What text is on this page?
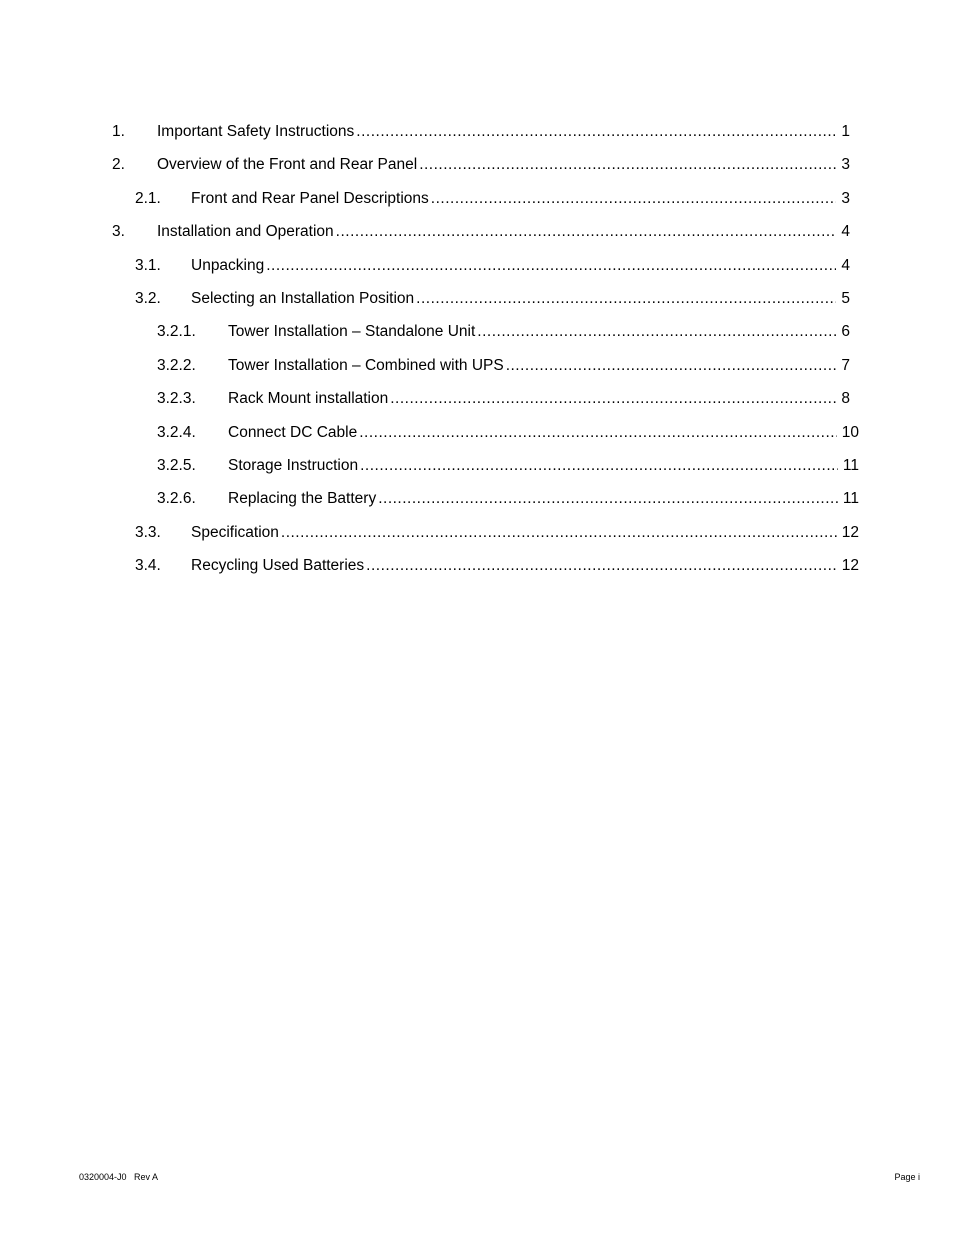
1. Important Safety Instructions .....	1
2. Overview of the Front and Rear Panel .....	3
2.1. Front and Rear Panel Descriptions .....	3
3. Installation and Operation .....	4
3.1. Unpacking .....	4
3.2. Selecting an Installation Position .....	5
3.2.1. Tower Installation – Standalone Unit .....	6
3.2.2. Tower Installation – Combined with UPS .....	7
3.2.3. Rack Mount installation .....	8
3.2.4. Connect DC Cable .....	10
3.2.5. Storage Instruction .....	11
3.2.6. Replacing the Battery .....	11
3.3. Specification .....	12
3.4. Recycling Used Batteries .....	12
0320004-J0   Rev A	Page i
